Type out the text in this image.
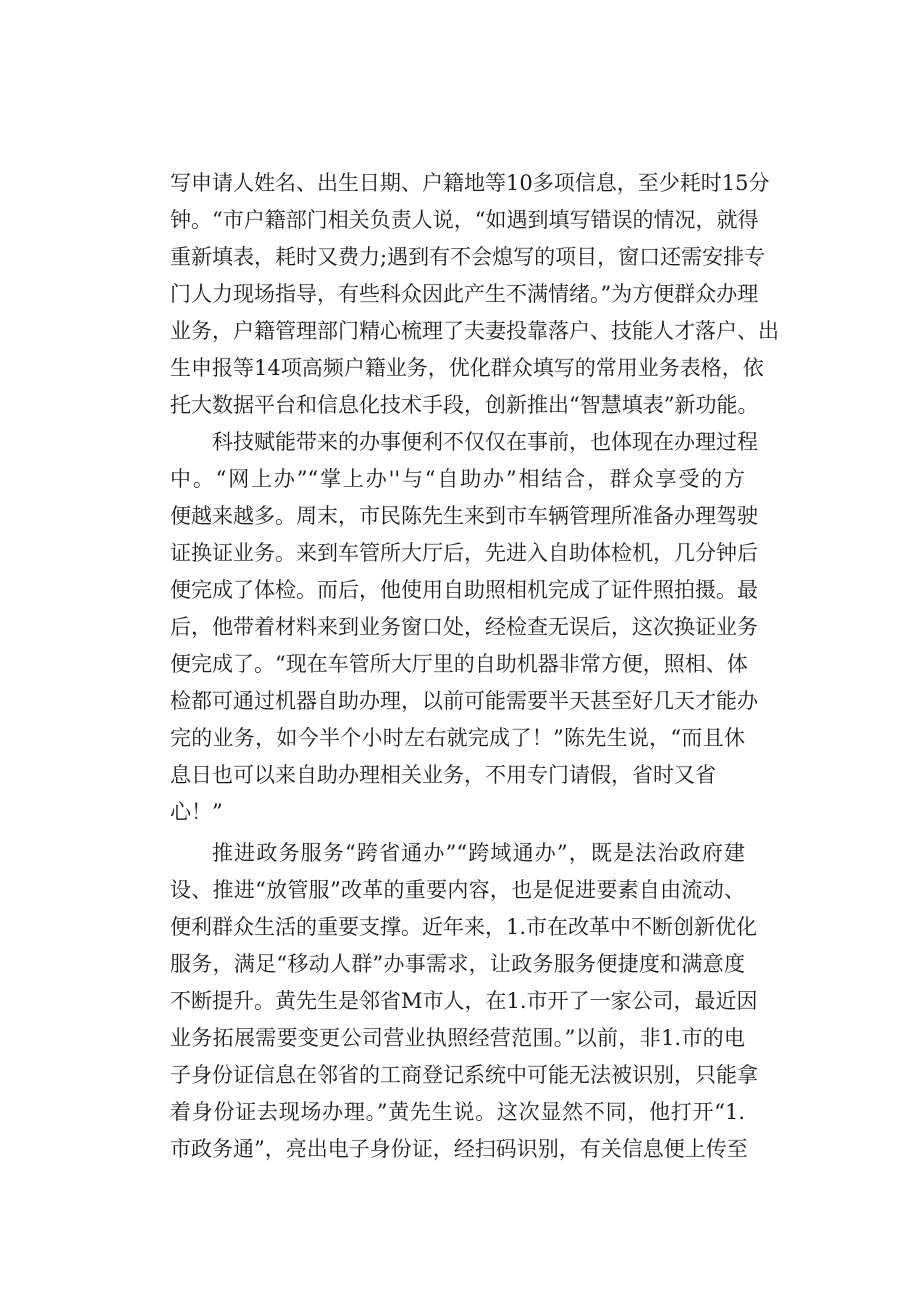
写申请人姓名、出生日期、户籍地等10多项信息，至少耗时15分
钟。“市户籍部门相关负责人说，“如遇到填写错误的情况，就得
重新填表，耗时又费力;遇到有不会熄写的项目，窗口还需安排专
门人力现场指导，有些科众因此产生不满情绪。”为方便群众办理
业务，户籍管理部门精心梳理了夫妻投靠落户、技能人才落户、出
生申报等14项高频户籍业务，优化群众填写的常用业务表格，依
托大数据平台和信息化技术手段，创新推出“智慧填表”新功能。
科技赋能带来的办事便利不仅仅在事前，也体现在办理过程
中。“网上办”“掌上办''与“自助办”相结合，群众享受的方
便越来越多。周末，市民陈先生来到市车辆管理所准备办理驾驶
证换证业务。来到车管所大厅后，先进入自助体检机，几分钟后
便完成了体检。而后，他使用自助照相机完成了证件照拍摄。最
后，他带着材料来到业务窗口处，经检查无误后，这次换证业务
便完成了。“现在车管所大厅里的自助机器非常方便，照相、体
检都可通过机器自助办理，以前可能需要半天甚至好几天才能办
完的业务，如今半个小时左右就完成了！”陈先生说，“而且休
息日也可以来自助办理相关业务，不用专门请假，省时又省
心！”
推进政务服务“跨省通办”“跨域通办”，既是法治政府建
设、推进“放管服”改革的重要内容，也是促进要素自由流动、
便利群众生活的重要支撑。近年来，1.市在改革中不断创新优化
服务，满足“移动人群”办事需求，让政务服务便捷度和满意度
不断提升。黄先生是邻省M市人，在1.市开了一家公司，最近因
业务拓展需要变更公司营业执照经营范围。”以前，非1.市的电
子身份证信息在邻省的工商登记系统中可能无法被识别，只能拿
着身份证去现场办理。”黄先生说。这次显然不同，他打开“1.
市政务通”，亮出电子身份证，经扫码识别，有关信息便上传至
